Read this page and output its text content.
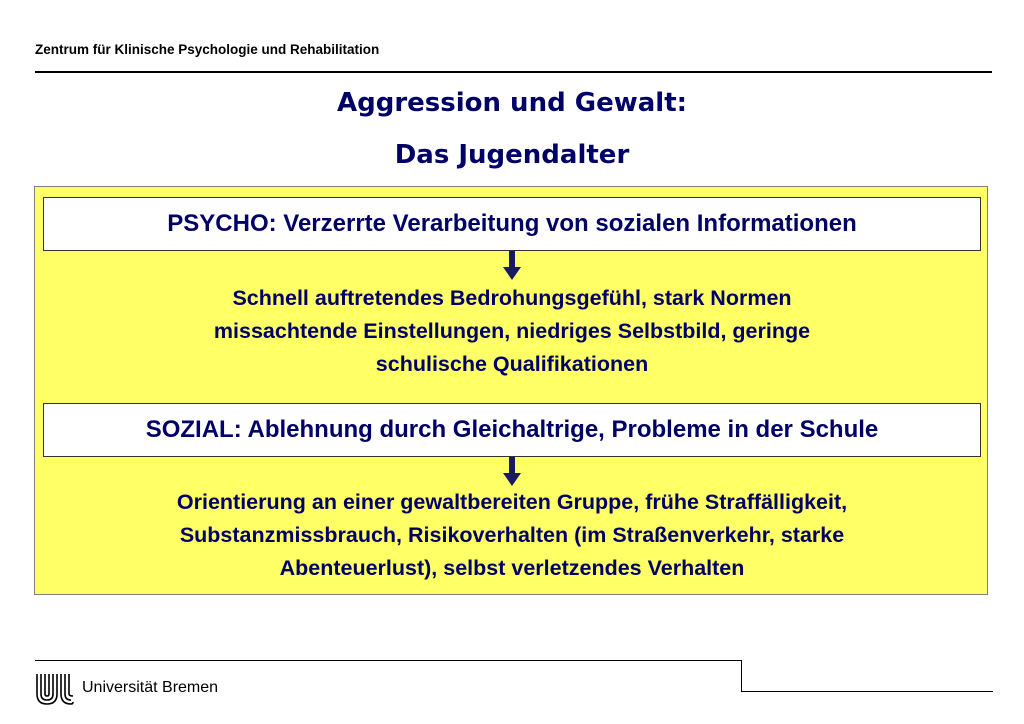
Zentrum für Klinische Psychologie und Rehabilitation
Aggression und Gewalt:
Das Jugendalter
PSYCHO: Verzerrte Verarbeitung von sozialen Informationen
Schnell auftretendes Bedrohungsgefühl, stark Normen
missachtende Einstellungen, niedriges Selbstbild, geringe
schulische Qualifikationen
SOZIAL: Ablehnung durch Gleichaltrige, Probleme in der Schule
Orientierung an einer gewaltbereiten Gruppe, frühe Straffälligkeit,
Substanzmissbrauch, Risikoverhalten (im Straßenverkehr, starke
Abenteuerlust), selbst verletzendes Verhalten
Universität Bremen
